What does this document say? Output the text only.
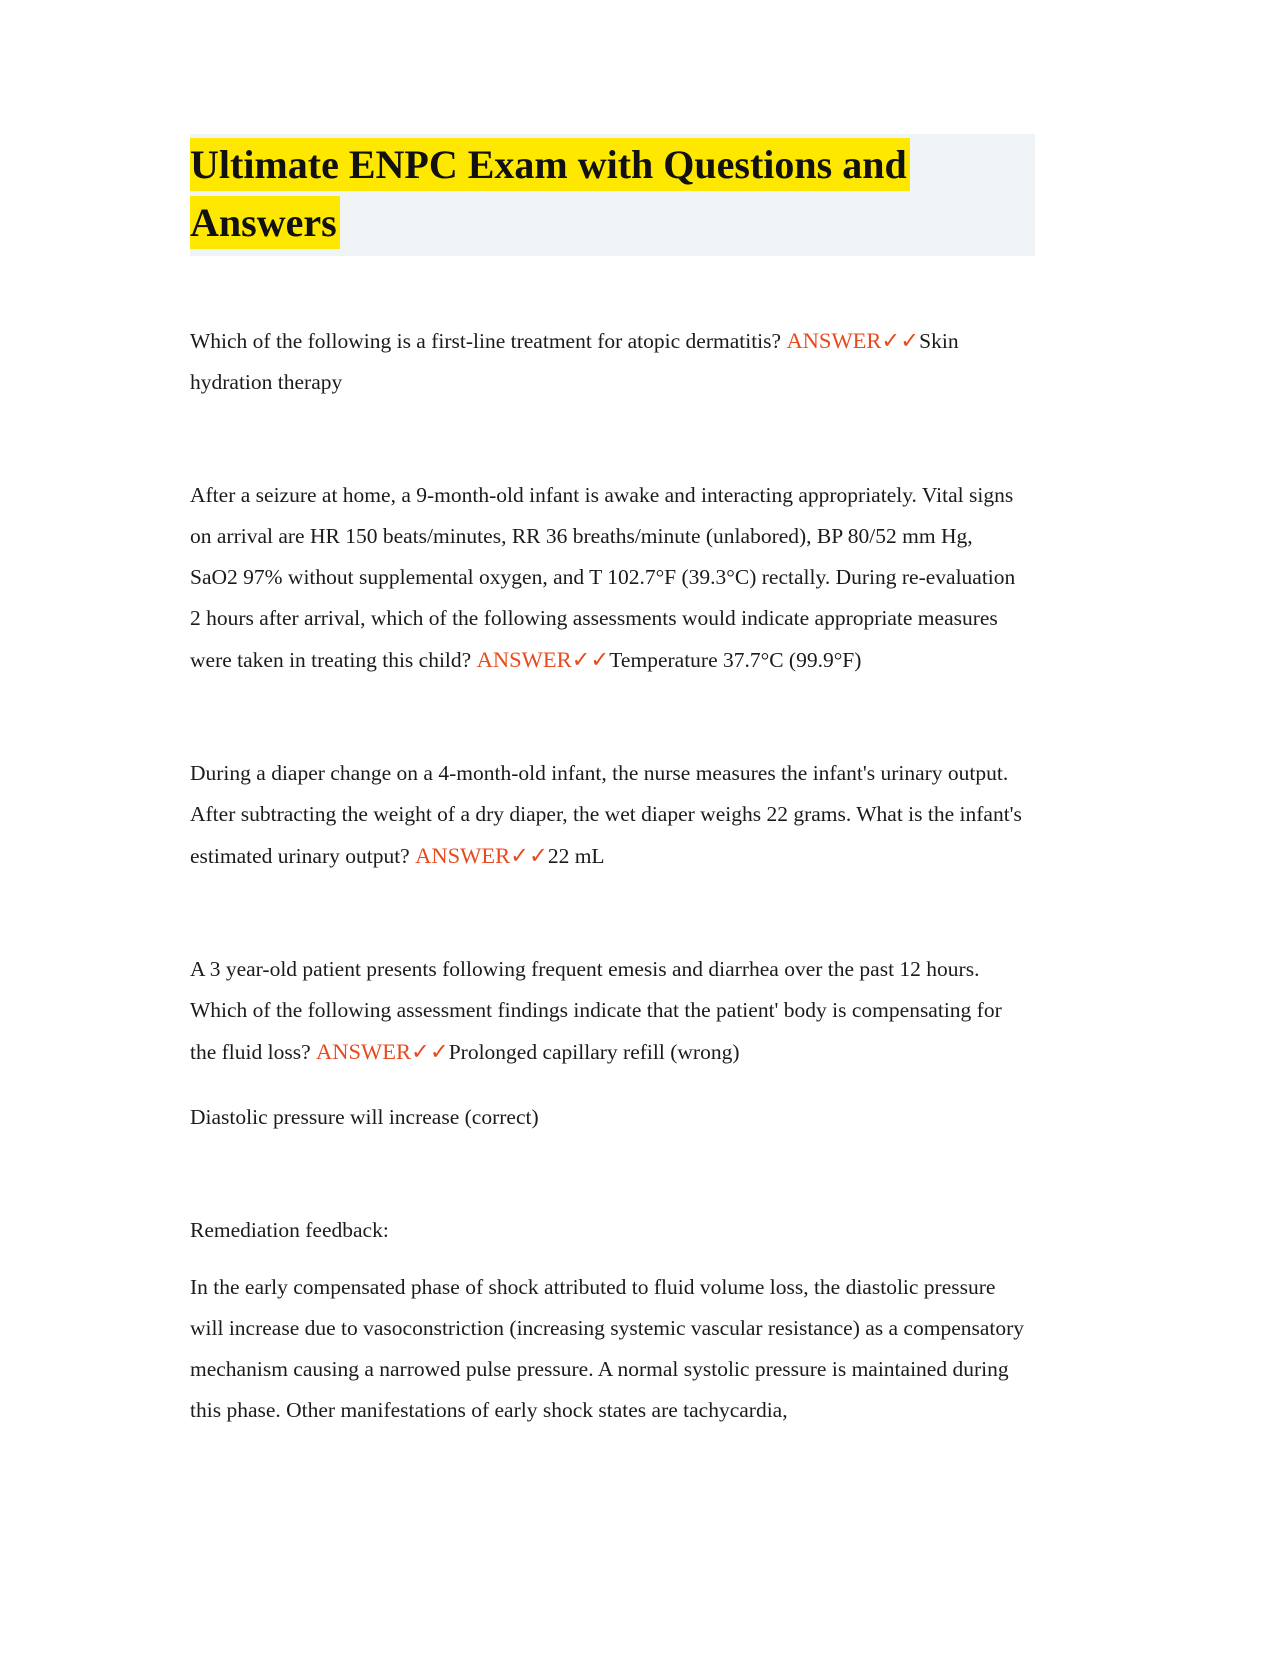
Ultimate ENPC Exam with Questions and Answers

Which of the following is a first-line treatment for atopic dermatitis? ANSWER✓✓Skin hydration therapy

After a seizure at home, a 9-month-old infant is awake and interacting appropriately. Vital signs on arrival are HR 150 beats/minutes, RR 36 breaths/minute (unlabored), BP 80/52 mm Hg, SaO2 97% without supplemental oxygen, and T 102.7°F (39.3°C) rectally. During re-evaluation 2 hours after arrival, which of the following assessments would indicate appropriate measures were taken in treating this child? ANSWER✓✓Temperature 37.7°C (99.9°F)

During a diaper change on a 4-month-old infant, the nurse measures the infant's urinary output. After subtracting the weight of a dry diaper, the wet diaper weighs 22 grams. What is the infant's estimated urinary output? ANSWER✓✓22 mL

A 3 year-old patient presents following frequent emesis and diarrhea over the past 12 hours. Which of the following assessment findings indicate that the patient' body is compensating for the fluid loss? ANSWER✓✓Prolonged capillary refill (wrong)

Diastolic pressure will increase (correct)

Remediation feedback:

In the early compensated phase of shock attributed to fluid volume loss, the diastolic pressure will increase due to vasoconstriction (increasing systemic vascular resistance) as a compensatory mechanism causing a narrowed pulse pressure. A normal systolic pressure is maintained during this phase. Other manifestations of early shock states are tachycardia,
